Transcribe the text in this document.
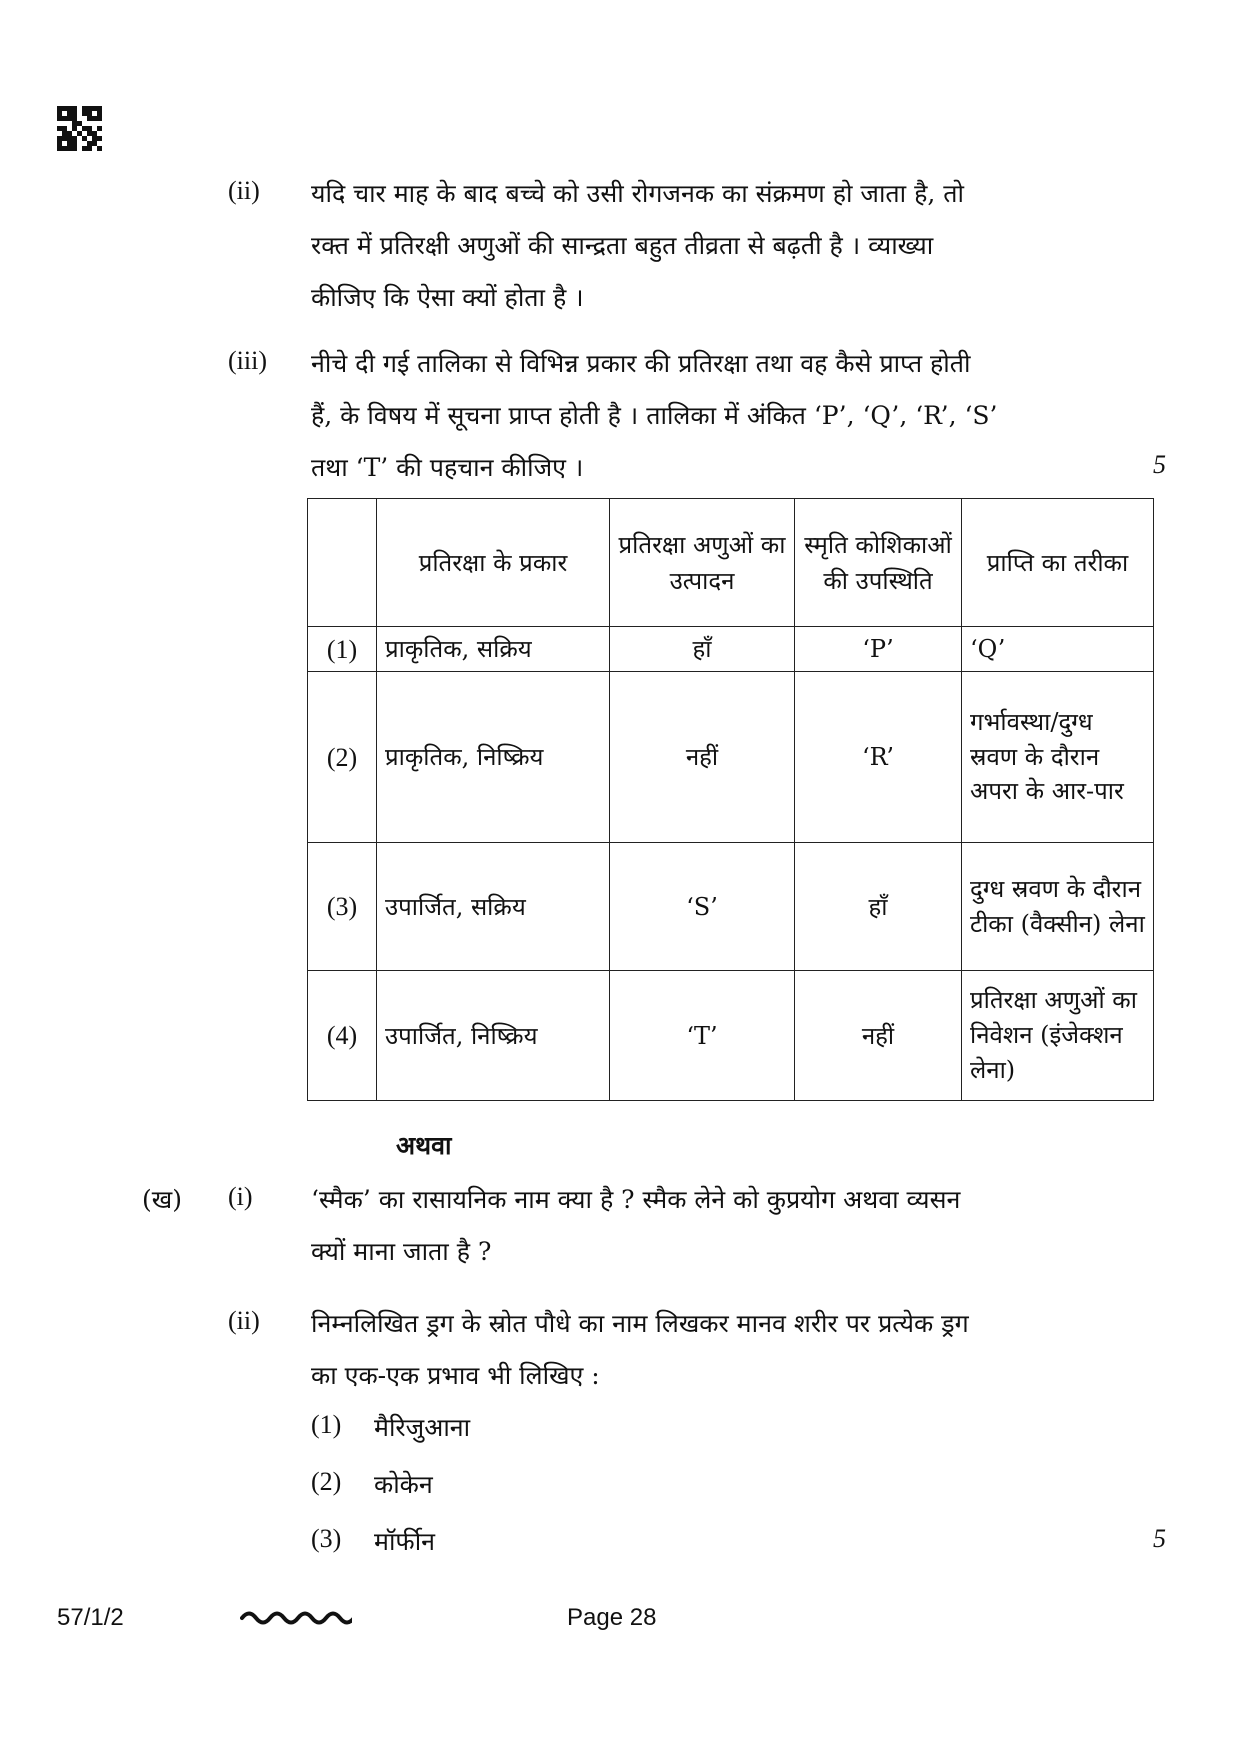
(ii) यदि चार माह के बाद बच्चे को उसी रोगजनक का संक्रमण हो जाता है, तो
रक्त में प्रतिरक्षी अणुओं की सान्द्रता बहुत तीव्रता से बढ़ती है । व्याख्या
कीजिए कि ऐसा क्यों होता है ।
(iii) नीचे दी गई तालिका से विभिन्न प्रकार की प्रतिरक्षा तथा वह कैसे प्राप्त होती
हैं, के विषय में सूचना प्राप्त होती है । तालिका में अंकित ‘P’, ‘Q’, ‘R’, ‘S’
तथा ‘T’ की पहचान कीजिए ।	5
	प्रतिरक्षा के प्रकार	प्रतिरक्षा अणुओं का उत्पादन	स्मृति कोशिकाओं की उपस्थिति	प्राप्ति का तरीका
(1)	प्राकृतिक, सक्रिय	हाँ	‘P’	‘Q’
(2)	प्राकृतिक, निष्क्रिय	नहीं	‘R’	गर्भावस्था/दुग्ध स्रवण के दौरान अपरा के आर-पार
(3)	उपार्जित, सक्रिय	‘S’	हाँ	दुग्ध स्रवण के दौरान टीका (वैक्सीन) लेना
(4)	उपार्जित, निष्क्रिय	‘T’	नहीं	प्रतिरक्षा अणुओं का निवेशन (इंजेक्शन लेना)
अथवा
(ख) (i) ‘स्मैक’ का रासायनिक नाम क्या है ? स्मैक लेने को कुप्रयोग अथवा व्यसन
क्यों माना जाता है ?
(ii) निम्नलिखित ड्रग के स्रोत पौधे का नाम लिखकर मानव शरीर पर प्रत्येक ड्रग
का एक-एक प्रभाव भी लिखिए :
(1) मैरिजुआना
(2) कोकेन
(3) मॉर्फीन	5
57/1/2	Page 28
